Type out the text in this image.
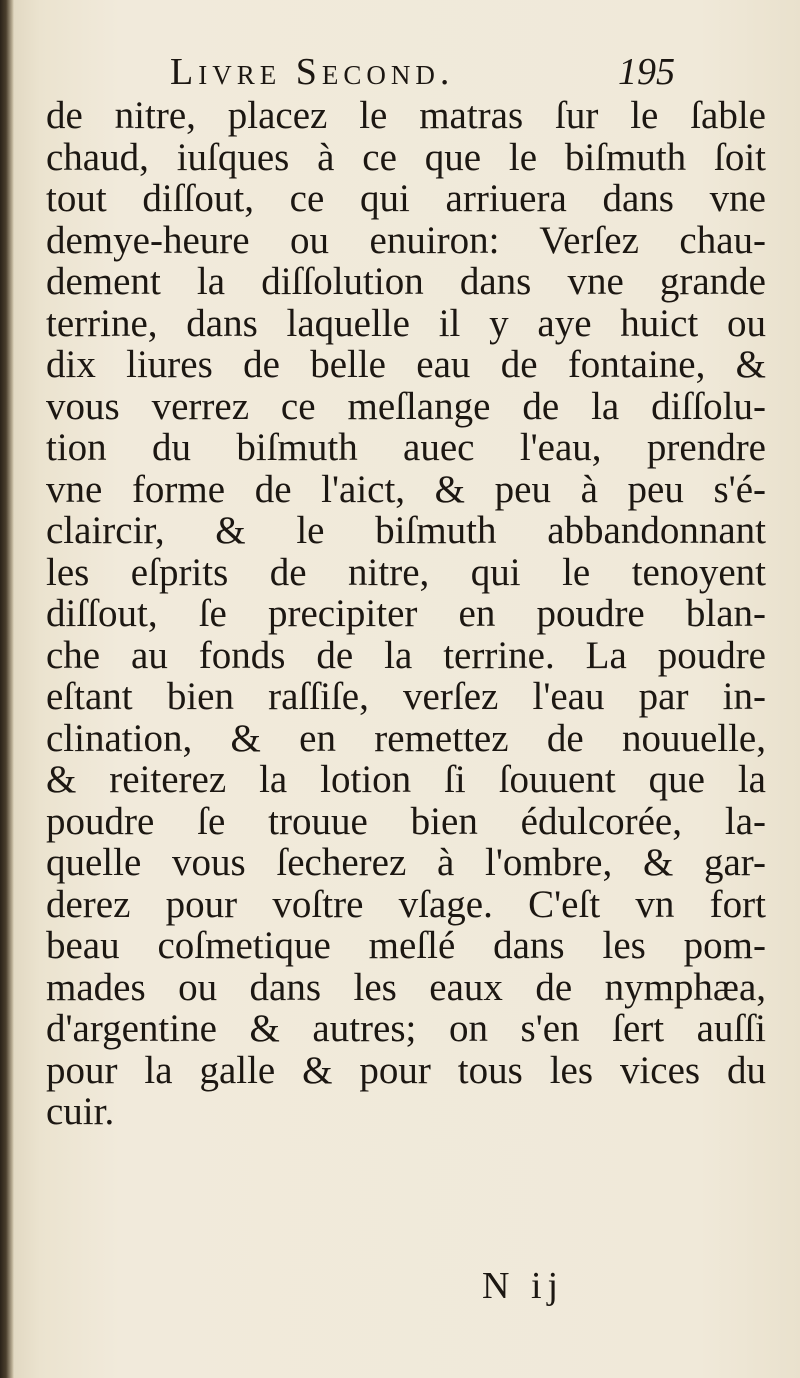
Livre Second.	195
de nitre, placez le matras ſur le ſable
chaud, iuſques à ce que le biſmuth ſoit
tout diſſout, ce qui arriuera dans vne
demye-heure ou enuiron: Verſez chau-
dement la diſſolution dans vne grande
terrine, dans laquelle il y aye huict ou
dix liures de belle eau de fontaine, &
vous verrez ce meſlange de la diſſolu-
tion du biſmuth auec l'eau, prendre
vne forme de l'aict, & peu à peu s'é-
claircir, & le biſmuth abbandonnant
les eſprits de nitre, qui le tenoyent
diſſout, ſe precipiter en poudre blan-
che au fonds de la terrine. La poudre
eſtant bien raſſiſe, verſez l'eau par in-
clination, & en remettez de nouuelle,
& reiterez la lotion ſi ſouuent que la
poudre ſe trouue bien édulcorée, la-
quelle vous ſecherez à l'ombre, & gar-
derez pour voſtre vſage. C'eſt vn fort
beau coſmetique meſlé dans les pom-
mades ou dans les eaux de nymphæa,
d'argentine & autres; on s'en ſert auſſi
pour la galle & pour tous les vices du
cuir.
N ij
